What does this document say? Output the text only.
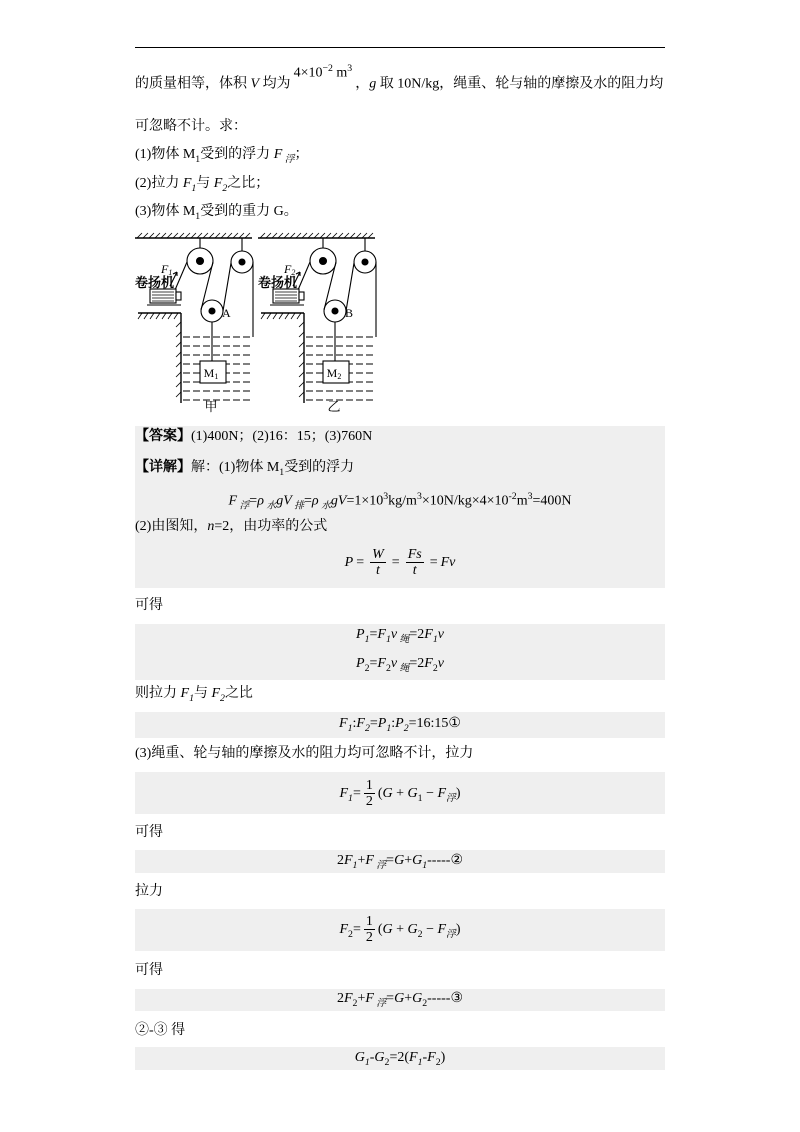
的质量相等，体积 V 均为$4\times 10^{-2}$ $m^3$，g 取 10N/kg，绳重、轮与轴的摩擦及水的阻力均
可忽略不计。求：
(1)物体 $M_1$受到的浮力 F $_浮$；
(2)拉力 $F_1$与 $F_2$之比；
(3)物体 $M_1$受到的重力 G。
卷扬机
F1
A
M1
甲
卷扬机
F2
B
M2
乙
【答案】(1)400N；(2)16：15；(3)760N
【详解】解：(1)物体 $M_1$受到的浮力
F $_浮$=ρ $_水$gV $_排$=ρ $_水gV=1\times 10^3kg/m^3\times 10N/kg\times 4\times 10^{-2}m^3=400N$
(2)由图知，n=2，由功率的公式
$P = \frac{W}{t} = \frac{Fs}{t} = Fv$
可得
$P_1=F_1v$ $_绳=2F_1v$
$P_2=F_2v$ $_绳=2F_2v$
则拉力 $F_1$与 $F_2$之比
$F_1:F_2=P_1:P_2=16:15①$
(3)绳重、轮与轴的摩擦及水的阻力均可忽略不计，拉力
$F_1= \frac{1}{2} (G + G_1 - F_浮)$
可得
$2F_1+F$ $_浮=G+G_1-----②$
拉力
$F_2= \frac{1}{2} (G + G_2 - F_浮)$
可得
$2F_2+F$ $_浮=G+G_2-----③$
②-③ 得
$G_1-G_2=2(F_1-F_2)$
